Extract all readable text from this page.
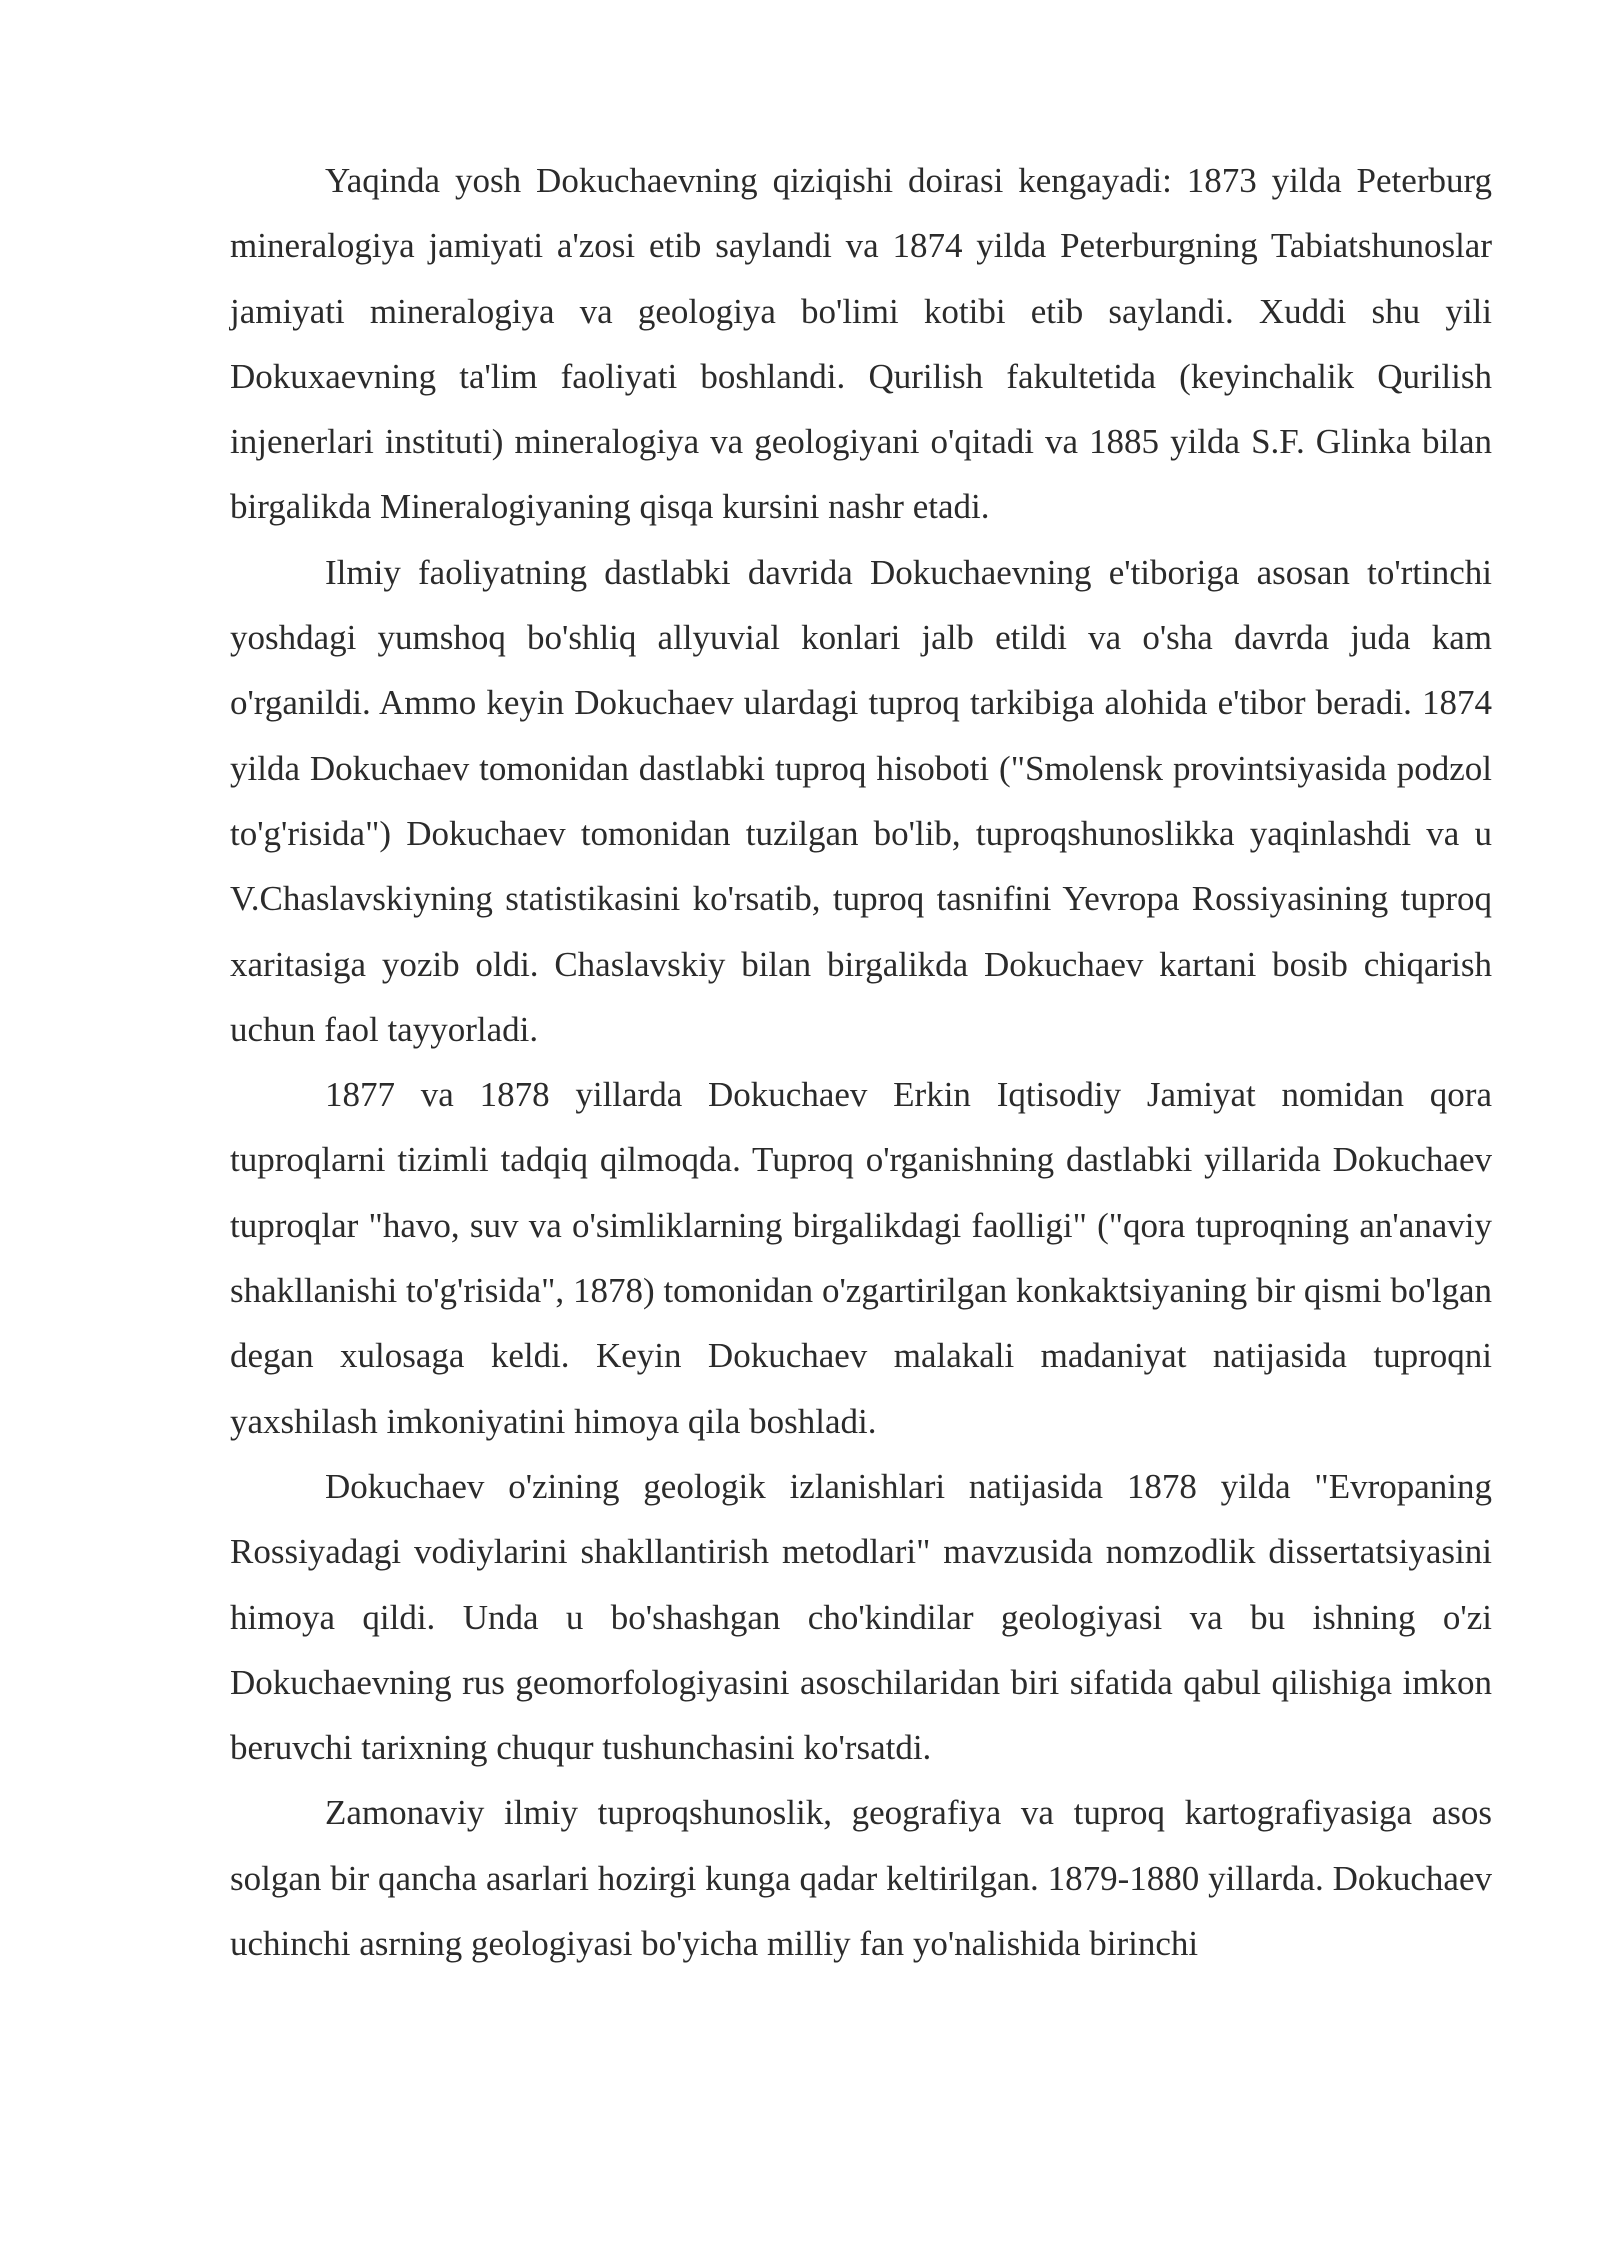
Yaqinda yosh Dokuchaevning qiziqishi doirasi kengayadi: 1873 yilda Peterburg mineralogiya jamiyati a'zosi etib saylandi va 1874 yilda Peterburgning Tabiatshunoslar jamiyati mineralogiya va geologiya bo'limi kotibi etib saylandi. Xuddi shu yili Dokuxaevning ta'lim faoliyati boshlandi. Qurilish fakultetida (keyinchalik Qurilish injenerlari instituti) mineralogiya va geologiyani o'qitadi va 1885 yilda S.F. Glinka bilan birgalikda Mineralogiyaning qisqa kursini nashr etadi.

Ilmiy faoliyatning dastlabki davrida Dokuchaevning e'tiboriga asosan to'rtinchi yoshdagi yumshoq bo'shliq allyuvial konlari jalb etildi va o'sha davrda juda kam o'rganildi. Ammo keyin Dokuchaev ulardagi tuproq tarkibiga alohida e'tibor beradi. 1874 yilda Dokuchaev tomonidan dastlabki tuproq hisoboti ("Smolensk provintsiyasida podzol to'g'risida") Dokuchaev tomonidan tuzilgan bo'lib, tuproqshunoslikka yaqinlashdi va u V.Chaslavskiyning statistikasini ko'rsatib, tuproq tasnifini Yevropa Rossiyasining tuproq xaritasiga yozib oldi. Chaslavskiy bilan birgalikda Dokuchaev kartani bosib chiqarish uchun faol tayyorladi.

1877 va 1878 yillarda Dokuchaev Erkin Iqtisodiy Jamiyat nomidan qora tuproqlarni tizimli tadqiq qilmoqda. Tuproq o'rganishning dastlabki yillarida Dokuchaev tuproqlar "havo, suv va o'simliklarning birgalikdagi faolligi" ("qora tuproqning an'anaviy shakllanishi to'g'risida", 1878) tomonidan o'zgartirilgan konkaktsiyaning bir qismi bo'lgan degan xulosaga keldi. Keyin Dokuchaev malakali madaniyat natijasida tuproqni yaxshilash imkoniyatini himoya qila boshladi.

Dokuchaev o'zining geologik izlanishlari natijasida 1878 yilda "Evropaning Rossiyadagi vodiylarini shakllantirish metodlari" mavzusida nomzodlik dissertatsiyasini himoya qildi. Unda u bo'shashgan cho'kindilar geologiyasi va bu ishning o'zi Dokuchaevning rus geomorfologiyasini asoschilaridan biri sifatida qabul qilishiga imkon beruvchi tarixning chuqur tushunchasini ko'rsatdi.

Zamonaviy ilmiy tuproqshunoslik, geografiya va tuproq kartografiyasiga asos solgan bir qancha asarlari hozirgi kunga qadar keltirilgan. 1879-1880 yillarda. Dokuchaev uchinchi asrning geologiyasi bo'yicha milliy fan yo'nalishida birinchi
